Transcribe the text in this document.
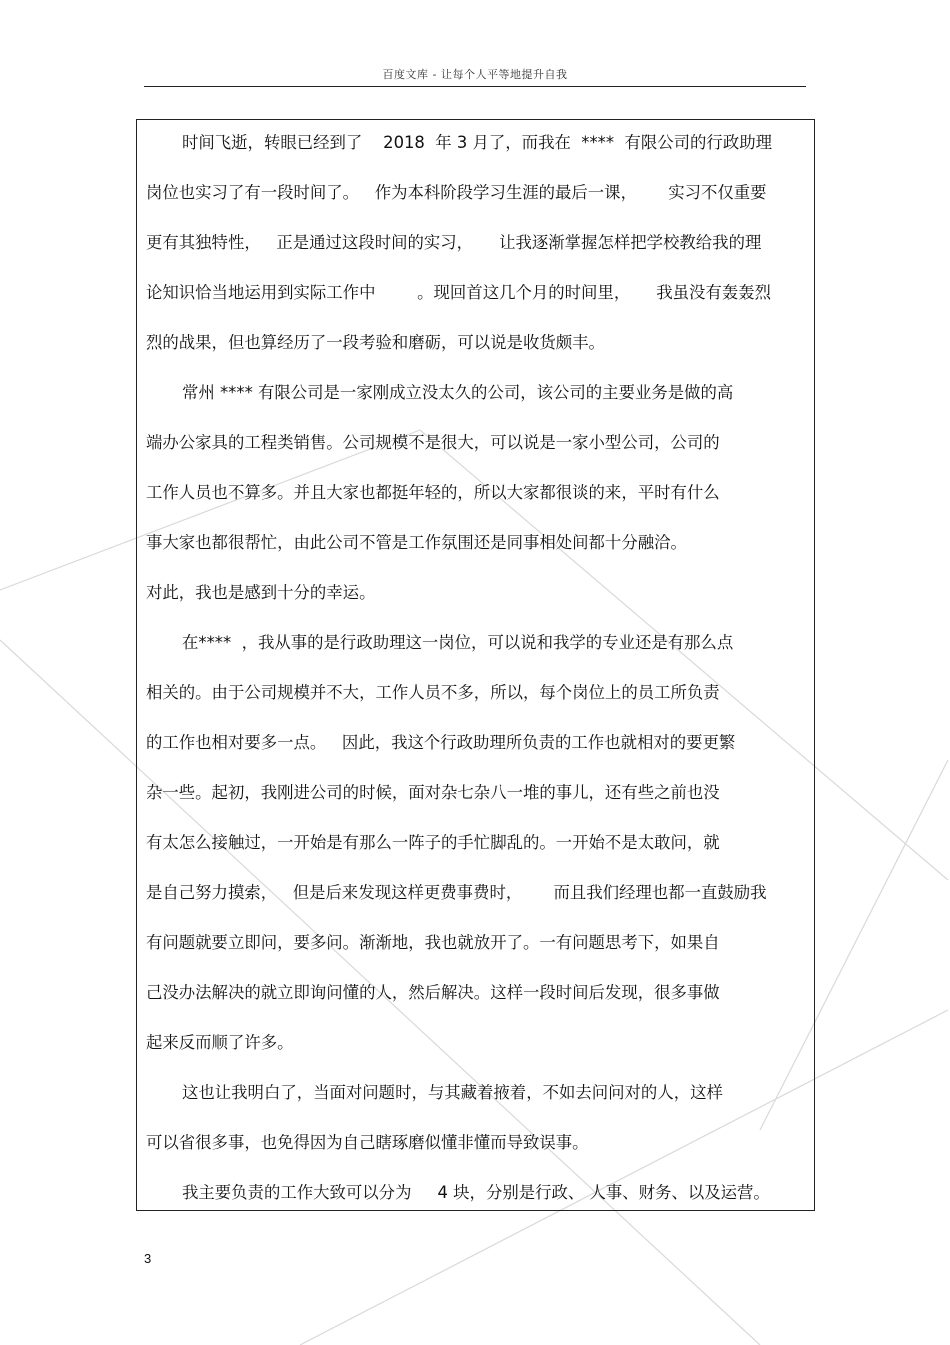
百度文库 - 让每个人平等地提升自我
时间飞逝，转眼已经到了    2018  年 3 月了，而我在  ****  有限公司的行政助理
岗位也实习了有一段时间了。   作为本科阶段学习生涯的最后一课，      实习不仅重要
更有其独特性，   正是通过这段时间的实习，     让我逐渐掌握怎样把学校教给我的理
论知识恰当地运用到实际工作中        。现回首这几个月的时间里，     我虽没有轰轰烈
烈的战果，但也算经历了一段考验和磨砺，可以说是收货颇丰。
常州 **** 有限公司是一家刚成立没太久的公司，该公司的主要业务是做的高
端办公家具的工程类销售。公司规模不是很大，可以说是一家小型公司，公司的
工作人员也不算多。并且大家也都挺年轻的，所以大家都很谈的来，平时有什么
事大家也都很帮忙，由此公司不管是工作氛围还是同事相处间都十分融洽。
对此，我也是感到十分的幸运。
在****  ，我从事的是行政助理这一岗位，可以说和我学的专业还是有那么点
相关的。由于公司规模并不大，工作人员不多，所以，每个岗位上的员工所负责
的工作也相对要多一点。   因此，我这个行政助理所负责的工作也就相对的要更繁
杂一些。起初，我刚进公司的时候，面对杂七杂八一堆的事儿，还有些之前也没
有太怎么接触过，一开始是有那么一阵子的手忙脚乱的。一开始不是太敢问，就
是自己努力摸索，   但是后来发现这样更费事费时，      而且我们经理也都一直鼓励我
有问题就要立即问，要多问。渐渐地，我也就放开了。一有问题思考下，如果自
己没办法解决的就立即询问懂的人，然后解决。这样一段时间后发现，很多事做
起来反而顺了许多。
这也让我明白了，当面对问题时，与其藏着掖着，不如去问问对的人，这样
可以省很多事，也免得因为自己瞎琢磨似懂非懂而导致误事。
我主要负责的工作大致可以分为     4 块，分别是行政、 人事、财务、以及运营。
3
